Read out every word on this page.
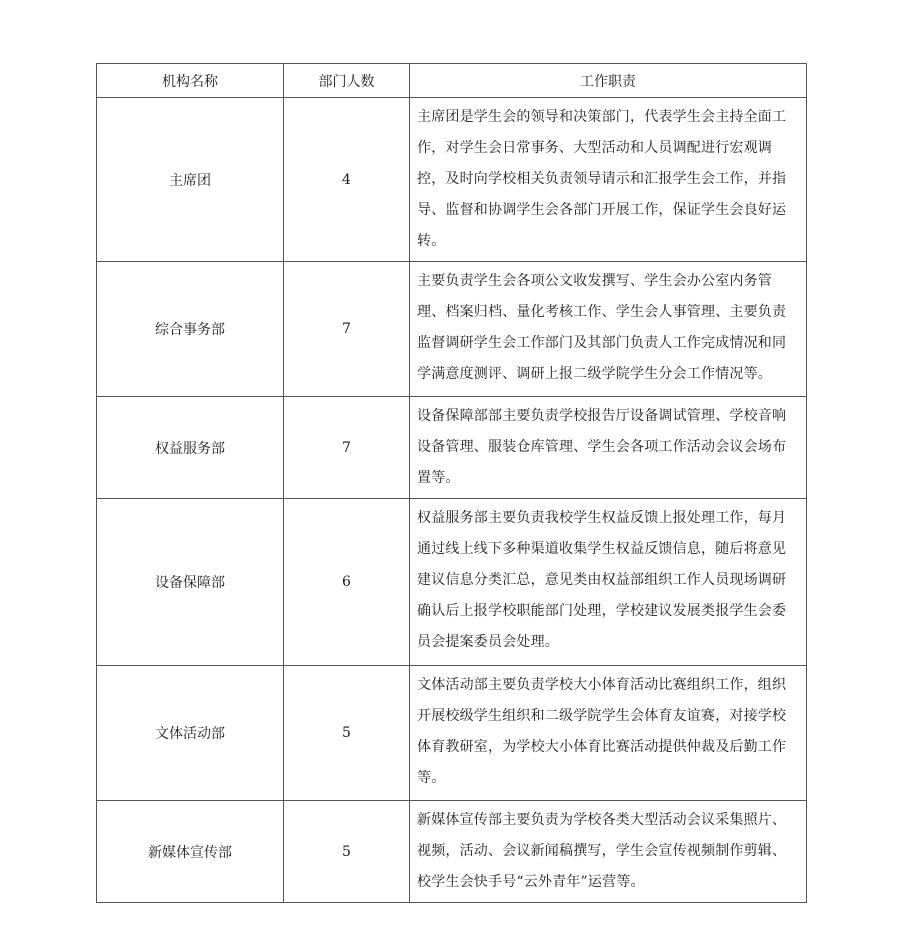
机构名称	部门人数	工作职责
主席团	4	主席团是学生会的领导和决策部门，代表学生会主持全面工作，对学生会日常事务、大型活动和人员调配进行宏观调控，及时向学校相关负责领导请示和汇报学生会工作，并指导、监督和协调学生会各部门开展工作，保证学生会良好运转。
综合事务部	7	主要负责学生会各项公文收发撰写、学生会办公室内务管理、档案归档、量化考核工作、学生会人事管理、主要负责监督调研学生会工作部门及其部门负责人工作完成情况和同学满意度测评、调研上报二级学院学生分会工作情况等。
权益服务部	7	设备保障部部主要负责学校报告厅设备调试管理、学校音响设备管理、服装仓库管理、学生会各项工作活动会议会场布置等。
设备保障部	6	权益服务部主要负责我校学生权益反馈上报处理工作，每月通过线上线下多种渠道收集学生权益反馈信息，随后将意见建议信息分类汇总，意见类由权益部组织工作人员现场调研确认后上报学校职能部门处理，学校建议发展类报学生会委员会提案委员会处理。
文体活动部	5	文体活动部主要负责学校大小体育活动比赛组织工作，组织开展校级学生组织和二级学院学生会体育友谊赛，对接学校体育教研室，为学校大小体育比赛活动提供仲裁及后勤工作等。
新媒体宣传部	5	新媒体宣传部主要负责为学校各类大型活动会议采集照片、视频，活动、会议新闻稿撰写，学生会宣传视频制作剪辑、校学生会快手号“云外青年”运营等。
